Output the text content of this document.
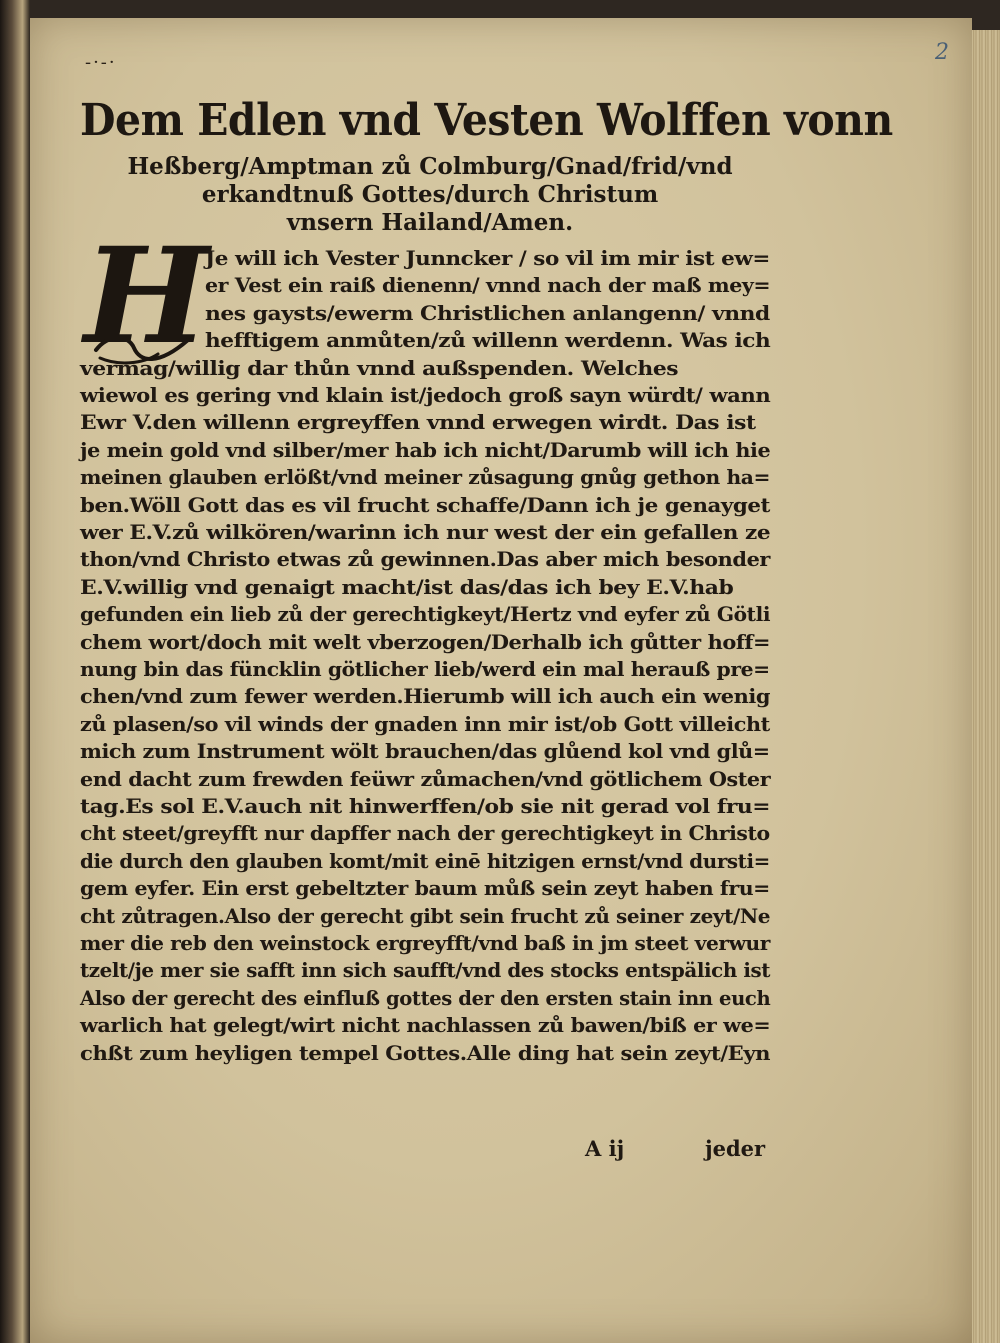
2

-·-·

Dem Edlen vnd Vesten Wolffen vonn

Heßberg/Amptman zů Colmburg/Gnad/frid/vnd

erkandtnuß Gottes/durch Christum

vnsern Hailand/Amen.

H

Je will ich Vester Junncker / so vil im mir ist ew=

er Vest ein raiß dienenn/ vnnd nach der maß mey=

nes gaysts/ewerm Christlichen anlangenn/ vnnd

hefftigem anmůten/zů willenn werdenn. Was ich

vermag/willig dar thůn vnnd außspenden. Welches

wiewol es gering vnd klain ist/jedoch groß sayn würdt/ wann

Ewr V.den willenn ergreyffen vnnd erwegen wirdt. Das ist

je mein gold vnd silber/mer hab ich nicht/Darumb will ich hie

meinen glauben erlößt/vnd meiner zůsagung gnůg gethon ha=

ben.Wöll Gott das es vil frucht schaffe/Dann ich je genayget

wer E.V.zů wilkören/warinn ich nur west der ein gefallen ze

thon/vnd Christo etwas zů gewinnen.Das aber mich besonder

E.V.willig vnd genaigt macht/ist das/das ich bey E.V.hab

gefunden ein lieb zů der gerechtigkeyt/Hertz vnd eyfer zů Götli

chem wort/doch mit welt vberzogen/Derhalb ich gůtter hoff=

nung bin das füncklin götlicher lieb/werd ein mal herauß pre=

chen/vnd zum fewer werden.Hierumb will ich auch ein wenig

zů plasen/so vil winds der gnaden inn mir ist/ob Gott villeicht

mich zum Instrument wölt brauchen/das glůend kol vnd glů=

end dacht zum frewden feüwr zůmachen/vnd götlichem Oster

tag.Es sol E.V.auch nit hinwerffen/ob sie nit gerad vol fru=

cht steet/greyfft nur dapffer nach der gerechtigkeyt in Christo

die durch den glauben komt/mit einē hitzigen ernst/vnd dursti=

gem eyfer. Ein erst gebeltzter baum můß sein zeyt haben fru=

cht zůtragen.Also der gerecht gibt sein frucht zů seiner zeyt/Ne

mer die reb den weinstock ergreyfft/vnd baß in jm steet verwur

tzelt/je mer sie safft inn sich saufft/vnd des stocks entspälich ist

Also der gerecht des einfluß gottes der den ersten stain inn euch

warlich hat gelegt/wirt nicht nachlassen zů bawen/biß er we=

chßt zum heyligen tempel Gottes.Alle ding hat sein zeyt/Eyn

A ij	jeder
